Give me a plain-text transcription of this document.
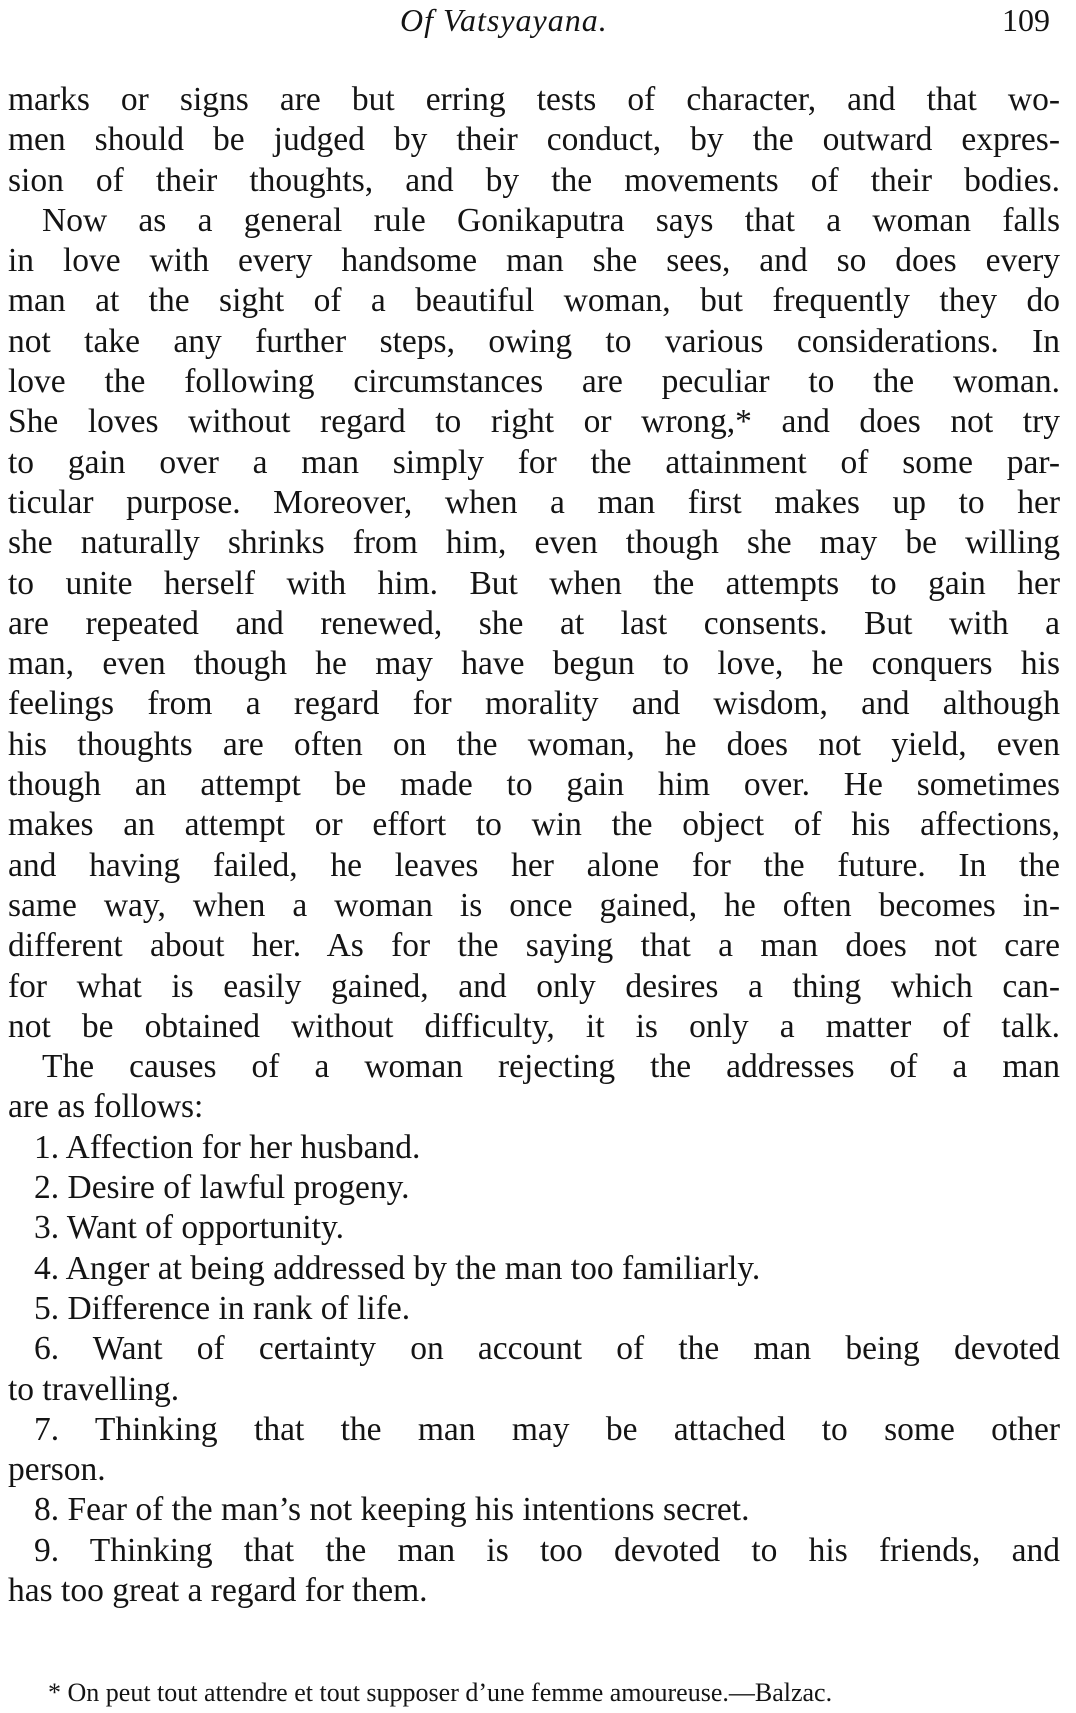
Of Vatsyayana.	109
marks or signs are but erring tests of character, and that wo-
men should be judged by their conduct, by the outward expres-
sion of their thoughts, and by the movements of their bodies.
Now as a general rule Gonikaputra says that a woman falls
in love with every handsome man she sees, and so does every
man at the sight of a beautiful woman, but frequently they do
not take any further steps, owing to various considerations. In
love the following circumstances are peculiar to the woman.
She loves without regard to right or wrong,* and does not try
to gain over a man simply for the attainment of some par-
ticular purpose. Moreover, when a man first makes up to her
she naturally shrinks from him, even though she may be willing
to unite herself with him. But when the attempts to gain her
are repeated and renewed, she at last consents. But with a
man, even though he may have begun to love, he conquers his
feelings from a regard for morality and wisdom, and although
his thoughts are often on the woman, he does not yield, even
though an attempt be made to gain him over. He sometimes
makes an attempt or effort to win the object of his affections,
and having failed, he leaves her alone for the future. In the
same way, when a woman is once gained, he often becomes in-
different about her. As for the saying that a man does not care
for what is easily gained, and only desires a thing which can-
not be obtained without difficulty, it is only a matter of talk.
The causes of a woman rejecting the addresses of a man
are as follows:
1. Affection for her husband.
2. Desire of lawful progeny.
3. Want of opportunity.
4. Anger at being addressed by the man too familiarly.
5. Difference in rank of life.
6. Want of certainty on account of the man being devoted
to travelling.
7. Thinking that the man may be attached to some other
person.
8. Fear of the man’s not keeping his intentions secret.
9. Thinking that the man is too devoted to his friends, and
has too great a regard for them.
* On peut tout attendre et tout supposer d’une femme amoureuse.—Balzac.
